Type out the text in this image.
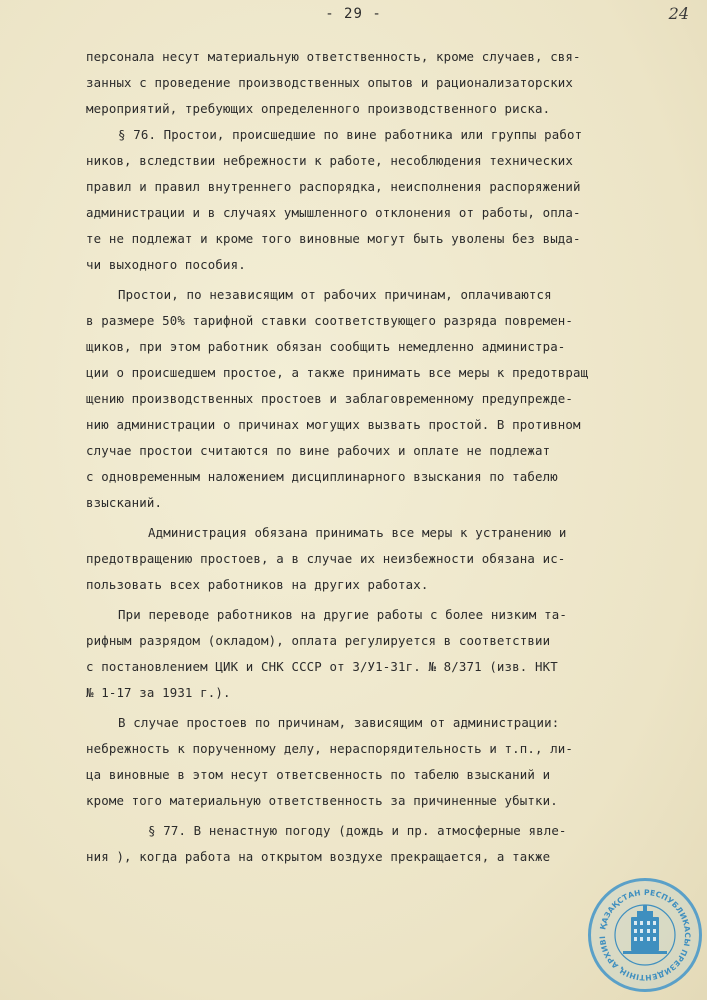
- 29 -	24
персонала несут материальную ответственность, кроме случаев, свя-
занных с проведение производственных опытов и рационализаторских
мероприятий, требующих определенного производственного риска.
§ 76. Простои, происшедшие по вине работника или группы работ
ников, вследствии небрежности к работе, несоблюдения технических
правил и правил внутреннего распорядка, неисполнения распоряжений
администрации и в случаях умышленного отклонения от работы, опла-
те не подлежат и кроме того виновные могут быть уволены без выда-
чи выходного пособия.
Простои, по независящим от рабочих причинам, оплачиваются
в размере 50% тарифной ставки соответствующего разряда повремен-
щиков, при этом работник обязан сообщить немедленно администра-
ции о происшедшем простое, а также принимать все меры к предотвращ
щению производственных простоев и заблаговременному предупрежде-
нию администрации о причинах могущих вызвать простой. В противном
случае простои считаются по вине рабочих и оплате не подлежат
с одновременным наложением дисциплинарного взыскания по табелю
взысканий.
Администрация обязана принимать все меры к устранению и
предотвращению простоев, а в случае их неизбежности обязана ис-
пользовать всех работников на других работах.
При переводе работников на другие работы с более низким та-
рифным разрядом (окладом), оплата регулируется в соответствии
с постановлением ЦИК и СНК СССР от 3/У1-31г. № 8/371 (изв. НКТ
№ 1-17 за 1931 г.).
В случае простоев по причинам, зависящим от администрации:
небрежность к порученному делу, нераспорядительность и т.п., ли-
ца виновные в этом несут ответсвенность по табелю взысканий и
кроме того материальную ответственность за причиненные убытки.
§ 77. В ненастную погоду (дождь и пр. атмосферные явле-
ния ), когда работа на открытом воздухе прекращается, а также
ҚАЗАҚСТАН РЕСПУБЛИКАСЫ ПРЕЗИДЕНТІНІҢ АРХИВІ
